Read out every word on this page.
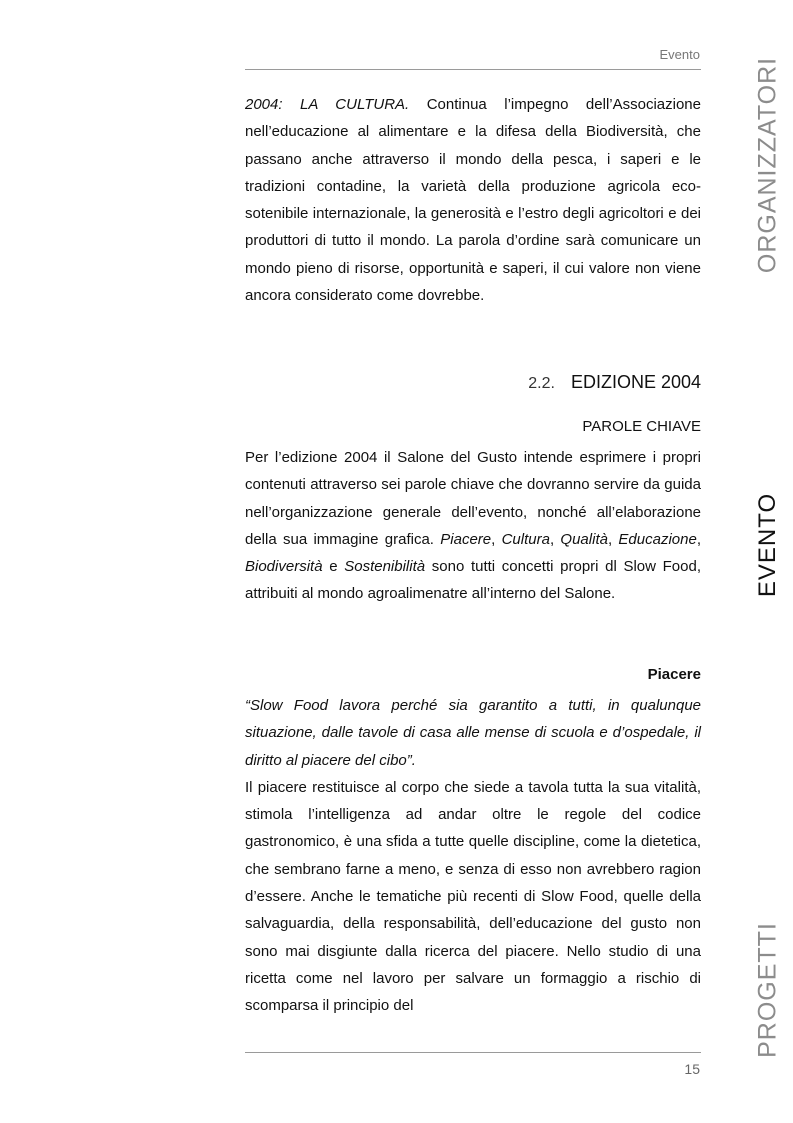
Evento
2004: LA CULTURA. Continua l’impegno dell’Associazione nell’educazione al alimentare e la difesa della Biodiversità, che passano anche attraverso il mondo della pesca, i saperi e le tradizioni contadine, la varietà della produzione agricola eco-sotenibile internazionale, la generosità e l’estro degli agricoltori e dei produttori di tutto il mondo. La parola d’ordine sarà comunicare un mondo pieno di risorse, opportunità e saperi, il cui valore non viene ancora considerato come dovrebbe.
2.2. EDIZIONE 2004
PAROLE CHIAVE
Per l’edizione 2004 il Salone del Gusto intende esprimere i propri contenuti attraverso sei parole chiave che dovranno servire da guida nell’organizzazione generale dell’evento, nonché all’elaborazione della sua immagine grafica. Piacere, Cultura, Qualità, Educazione, Biodiversità e Sostenibilità sono tutti concetti propri dl Slow Food, attribuiti al mondo agroalimenatre all’interno del Salone.
Piacere
“Slow Food lavora perché sia garantito a tutti, in qualunque situazione, dalle tavole di casa alle mense di scuola e d’ospedale, il diritto al piacere del cibo”.
Il piacere restituisce al corpo che siede a tavola tutta la sua vitalità, stimola l’intelligenza ad andar oltre le regole del codice gastronomico, è una sfida a tutte quelle discipline, come la dietetica, che sembrano farne a meno, e senza di esso non avrebbero ragion d’essere. Anche le tematiche più recenti di Slow Food, quelle della salvaguardia, della responsabilità, dell’educazione del gusto non sono mai disgiunte dalla ricerca del piacere. Nello studio di una ricetta come nel lavoro per salvare un formaggio a rischio di scomparsa il principio del
15
ORGANIZZATORI
EVENTO
PROGETTI
